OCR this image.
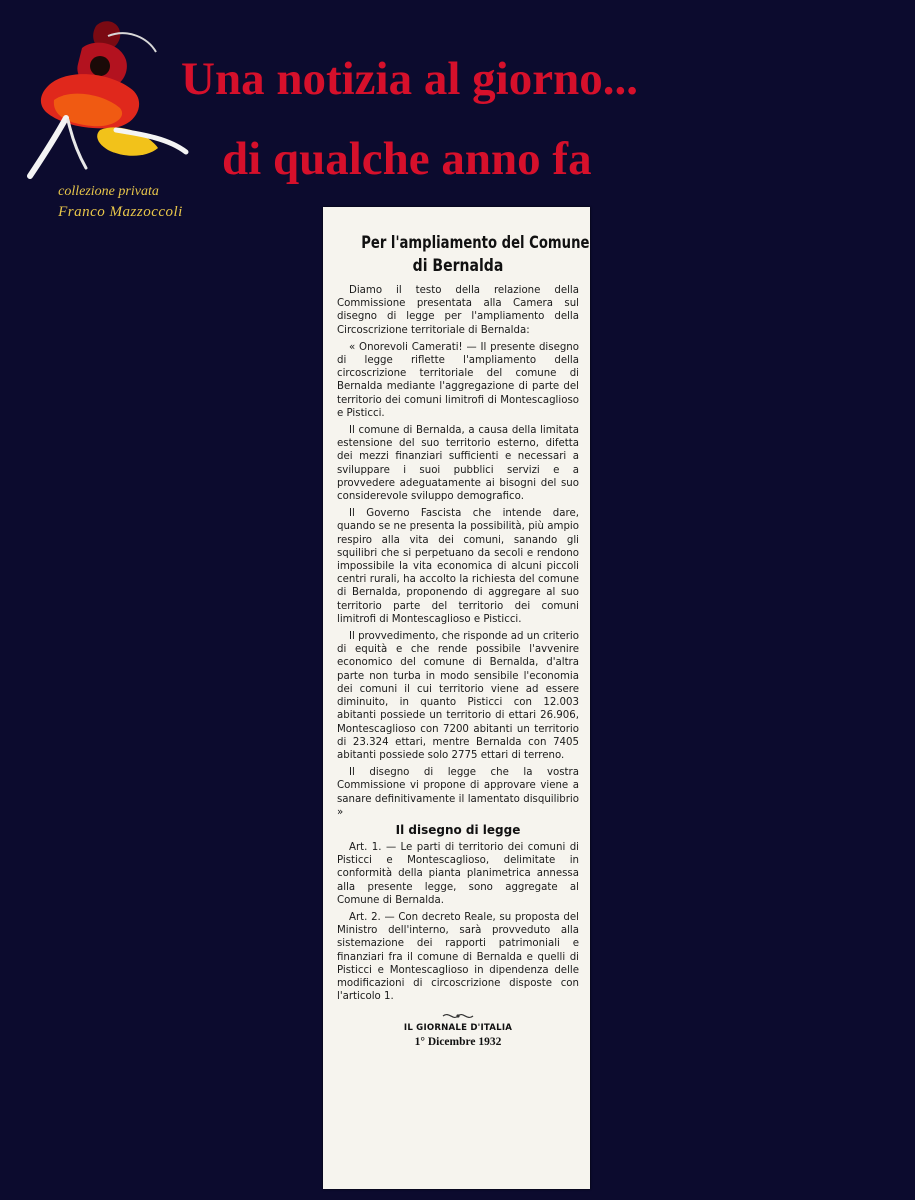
collezione privata
Franco Mazzoccoli
Una notizia al giorno...
di qualche anno fa
Per l'ampliamento del Comune
di Bernalda

Diamo il testo della relazione della Commissione presentata alla Camera sul disegno di legge per l'ampliamento della Circoscrizione territoriale di Bernalda:

« Onorevoli Camerati! — Il presente disegno di legge riflette l'ampliamento della circoscrizione territoriale del comune di Bernalda mediante l'aggregazione di parte del territorio dei comuni limitrofi di Montescaglioso e Pisticci.

Il comune di Bernalda, a causa della limitata estensione del suo territorio esterno, difetta dei mezzi finanziari sufficienti e necessari a sviluppare i suoi pubblici servizi e a provvedere adeguatamente ai bisogni del suo considerevole sviluppo demografico.

Il Governo Fascista che intende dare, quando se ne presenta la possibilità, più ampio respiro alla vita dei comuni, sanando gli squilibri che si perpetuano da secoli e rendono impossibile la vita economica di alcuni piccoli centri rurali, ha accolto la richiesta del comune di Bernalda, proponendo di aggregare al suo territorio parte del territorio dei comuni limitrofi di Montescaglioso e Pisticci.

Il provvedimento, che risponde ad un criterio di equità e che rende possibile l'avvenire economico del comune di Bernalda, d'altra parte non turba in modo sensibile l'economia dei comuni il cui territorio viene ad essere diminuito, in quanto Pisticci con 12.003 abitanti possiede un territorio di ettari 26.906, Montescaglioso con 7200 abitanti un territorio di 23.324 ettari, mentre Bernalda con 7405 abitanti possiede solo 2775 ettari di terreno.

Il disegno di legge che la vostra Commissione vi propone di approvare viene a sanare definitivamente il lamentato disquilibrio »

Il disegno di legge

Art. 1. — Le parti di territorio dei comuni di Pisticci e Montescaglioso, delimitate in conformità della pianta planimetrica annessa alla presente legge, sono aggregate al Comune di Bernalda.

Art. 2. — Con decreto Reale, su proposta del Ministro dell'interno, sarà provveduto alla sistemazione dei rapporti patrimoniali e finanziari fra il comune di Bernalda e quelli di Pisticci e Montescaglioso in dipendenza delle modificazioni di circoscrizione disposte con l'articolo 1.

IL GIORNALE D'ITALIA
1° Dicembre 1932
